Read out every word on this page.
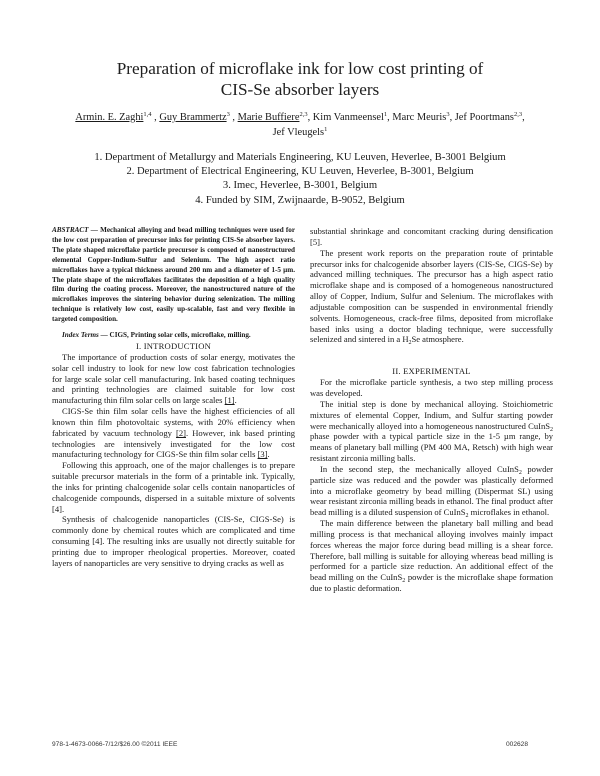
Preparation of microflake ink for low cost printing of
CIS-Se absorber layers
Armin. E. Zaghi$^{1,4}$ , Guy Brammertz$^3$ , Marie Buffiere$^{2,3}$, Kim Vanmeensel$^1$, Marc Meuris$^3$, Jef Poortmans$^{2,3}$,
Jef Vleugels$^1$
1. Department of Metallurgy and Materials Engineering, KU Leuven, Heverlee, B-3001 Belgium
2. Department of Electrical Engineering, KU Leuven, Heverlee, B-3001, Belgium
3. Imec, Heverlee, B-3001, Belgium
4. Funded by SIM, Zwijnaarde, B-9052, Belgium

ABSTRACT — Mechanical alloying and bead milling techniques were used for the low cost preparation of precursor inks for printing CIS-Se absorber layers. The plate shaped microflake particle precursor is composed of nanostructured elemental Copper-Indium-Sulfur and Selenium. The high aspect ratio microflakes have a typical thickness around 200 nm and a diameter of 1-5 µm. The plate shape of the microflakes facilitates the deposition of a high quality film during the coating process. Moreover, the nanostructured nature of the microflakes improves the sintering behavior during selenization. The milling technique is relatively low cost, easily up-scalable, fast and very flexible in targeted composition.

Index Terms — CIGS, Printing solar cells, microflake, milling.

I. INTRODUCTION

The importance of production costs of solar energy, motivates the solar cell industry to look for new low cost fabrication technologies for large scale solar cell manufacturing. Ink based coating techniques and printing technologies are claimed suitable for low cost manufacturing thin film solar cells on large scales [1].

CIGS-Se thin film solar cells have the highest efficiencies of all known thin film photovoltaic systems, with 20% efficiency when fabricated by vacuum technology [2]. However, ink based printing technologies are intensively investigated for the low cost manufacturing technology for CIGS-Se thin film solar cells [3].

Following this approach, one of the major challenges is to prepare suitable precursor materials in the form of a printable ink. Typically, the inks for printing chalcogenide solar cells contain nanoparticles of chalcogenide compounds, dispersed in a suitable mixture of solvents [4].

Synthesis of chalcogenide nanoparticles (CIS-Se, CIGS-Se) is commonly done by chemical routes which are complicated and time consuming [4]. The resulting inks are usually not directly suitable for printing due to improper rheological properties. Moreover, coated layers of nanoparticles are very sensitive to drying cracks as well as

substantial shrinkage and concomitant cracking during densification [5].

The present work reports on the preparation route of printable precursor inks for chalcogenide absorber layers (CIS-Se, CIGS-Se) by advanced milling techniques. The precursor has a high aspect ratio microflake shape and is composed of a homogeneous nanostructured alloy of Copper, Indium, Sulfur and Selenium. The microflakes with adjustable composition can be suspended in environmental friendly solvents. Homogeneous, crack-free films, deposited from microflake based inks using a doctor blading technique, were successfully selenized and sintered in a $H_2Se$ atmosphere.

II. EXPERIMENTAL

For the microflake particle synthesis, a two step milling process was developed.

The initial step is done by mechanical alloying. Stoichiometric mixtures of elemental Copper, Indium, and Sulfur starting powder were mechanically alloyed into a homogeneous nanostructured CuInS$_2$ phase powder with a typical particle size in the 1-5 µm range, by means of planetary ball milling (PM 400 MA, Retsch) with high wear resistant zirconia milling balls.

In the second step, the mechanically alloyed CuInS$_2$ powder particle size was reduced and the powder was plastically deformed into a microflake geometry by bead milling (Dispermat SL) using wear resistant zirconia milling beads in ethanol. The final product after bead milling is a diluted suspension of CuInS$_2$ microflakes in ethanol.

The main difference between the planetary ball milling and bead milling process is that mechanical alloying involves mainly impact forces whereas the major force during bead milling is a shear force. Therefore, ball milling is suitable for alloying whereas bead milling is performed for a particle size reduction. An additional effect of the bead milling on the CuInS$_2$ powder is the microflake shape formation due to plastic deformation.

978-1-4673-0066-7/12/$26.00 ©2011 IEEE	002628
